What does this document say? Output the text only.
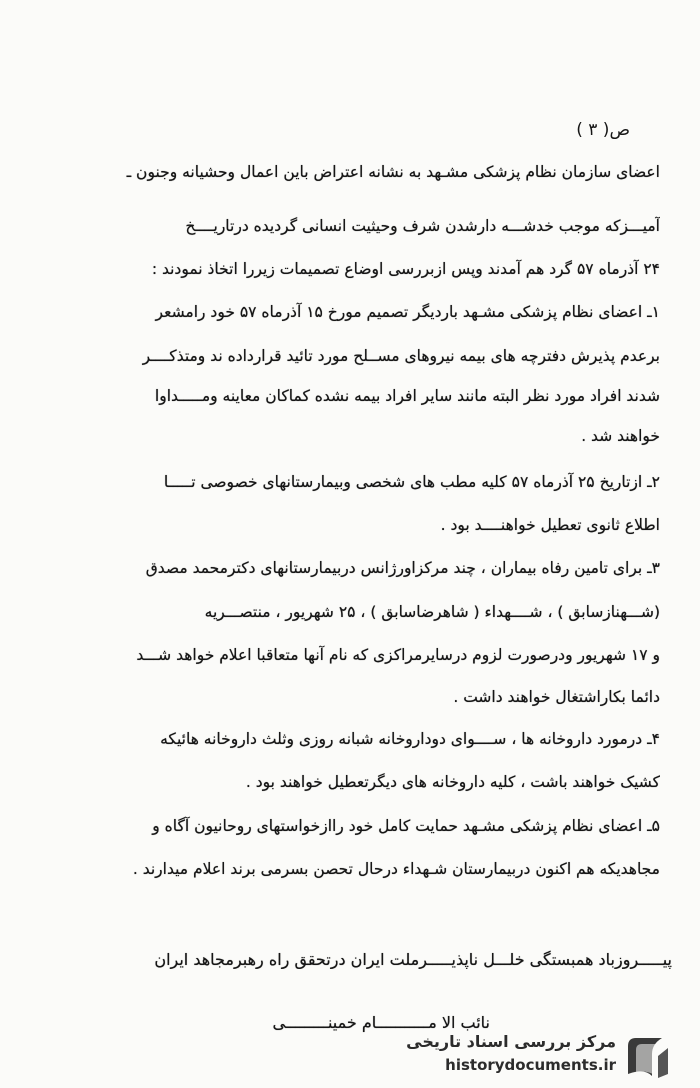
ص( ۳ )
اعضای سازمان نظام پزشکی مشـهد به نشانه اعتراض باین اعمال وحشیانه وجنون ـ
آمیـــزکه موجب خدشـــه دارشدن شرف وحیثیت انسانی گردیده درتاریــــخ
۲۴ آذرماه ۵۷ گرد هم آمدند وپس ازبررسی اوضاع تصمیمات زیررا اتخاذ نمودند :
۱ـ اعضای نظام پزشکی مشـهد باردیگر تصمیم مورخ ۱۵ آذرماه ۵۷ خود رامشعر
برعدم پذیرش دفترچه های بیمه نیروهای مســلح مورد تائید قرارداده ند ومتذکــــر
شدند افراد مورد نظر البته مانند سایر افراد بیمه نشده کماکان معاینه ومـــــداوا
خواهند شد .
۲ـ ازتاریخ ۲۵ آذرماه ۵۷ کلیه مطب های شخصی وبیمارستانهای خصوصی تـــــا
اطلاع ثانوی تعطیل خواهنــــد بود .
۳ـ برای تامین رفاه بیماران ، چند مرکزاورژانس دربیمارستانهای دکترمحمد مصدق
(شـــهنازسابق ) ، شــــهداء ( شاهرضاسابق ) ، ۲۵ شهریور ، منتصـــریه
و ۱۷ شهریور ودرصورت لزوم درسایرمراکزی که نام آنها متعاقبا اعلام خواهد شـــد
دائما بکاراشتغال خواهند داشت .
۴ـ درمورد داروخانه ها ، ســــوای دوداروخانه شبانه روزی وثلث داروخانه هائیکه
کشیک خواهند باشت ، کلیه داروخانه های دیگرتعطیل خواهند بود .
۵ـ اعضای نظام پزشکی مشـهد حمایت کامل خود راازخواستهای روحانیون آگاه و
مجاهدیکه هم اکنون دربیمارستان شـهداء درحال تحصن بسرمی برند اعلام میدارند .
پیـــــروزباد همبستگی خلـــل ناپذیـــــرملت ایران درتحقق راه رهبرمجاهد ایران
نائب الا مـــــــــــام خمینـــــــــی
مرکز بررسی اسناد تاریخی
historydocuments.ir
